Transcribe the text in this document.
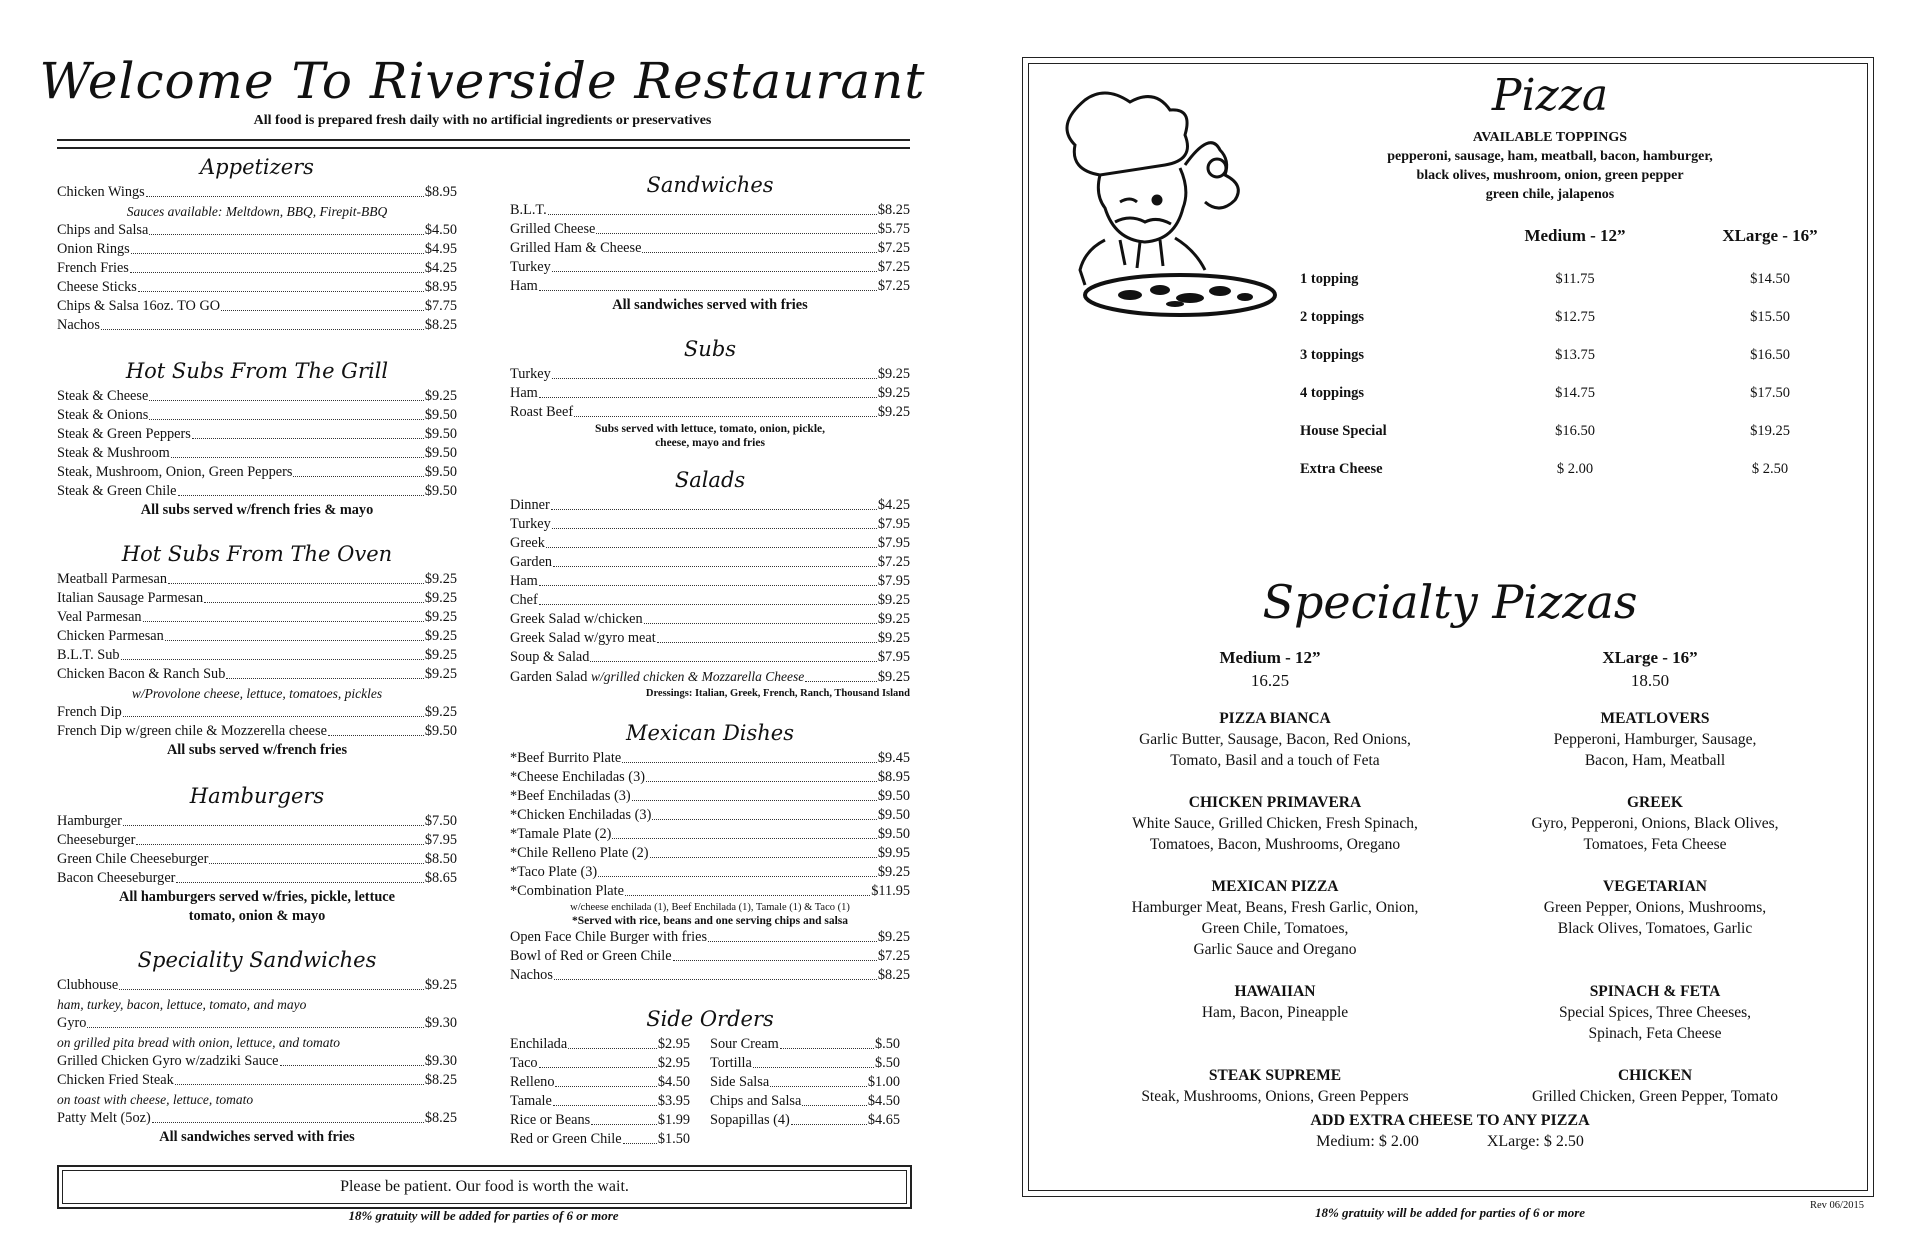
Welcome To Riverside Restaurant
All food is prepared fresh daily with no artificial ingredients or preservatives
Appetizers
Chicken Wings	$8.95
Sauces available: Meltdown, BBQ, Firepit-BBQ
Chips and Salsa	$4.50
Onion Rings	$4.95
French Fries	$4.25
Cheese Sticks	$8.95
Chips & Salsa 16oz. TO GO	$7.75
Nachos	$8.25
Hot Subs From The Grill
Steak & Cheese	$9.25
Steak & Onions	$9.50
Steak & Green Peppers	$9.50
Steak & Mushroom	$9.50
Steak, Mushroom, Onion, Green Peppers	$9.50
Steak & Green Chile	$9.50
All subs served w/french fries & mayo
Hot Subs From The Oven
Meatball Parmesan	$9.25
Italian Sausage Parmesan	$9.25
Veal Parmesan	$9.25
Chicken Parmesan	$9.25
B.L.T. Sub	$9.25
Chicken Bacon & Ranch Sub	$9.25
w/Provolone cheese, lettuce, tomatoes, pickles
French Dip	$9.25
French Dip w/green chile & Mozzerella cheese	$9.50
All subs served w/french fries
Hamburgers
Hamburger	$7.50
Cheeseburger	$7.95
Green Chile Cheeseburger	$8.50
Bacon Cheeseburger	$8.65
All hamburgers served w/fries, pickle, lettuce
tomato, onion & mayo
Speciality Sandwiches
Clubhouse	$9.25
ham, turkey, bacon, lettuce, tomato, and mayo
Gyro	$9.30
on grilled pita bread with onion, lettuce, and tomato
Grilled Chicken Gyro w/zadziki Sauce	$9.30
Chicken Fried Steak	$8.25
on toast with cheese, lettuce, tomato
Patty Melt (5oz)	$8.25
All sandwiches served with fries
Sandwiches
B.L.T.	$8.25
Grilled Cheese	$5.75
Grilled Ham & Cheese	$7.25
Turkey	$7.25
Ham	$7.25
All sandwiches served with fries
Subs
Turkey	$9.25
Ham	$9.25
Roast Beef	$9.25
Subs served with lettuce, tomato, onion, pickle,
cheese, mayo and fries
Salads
Dinner	$4.25
Turkey	$7.95
Greek	$7.95
Garden	$7.25
Ham	$7.95
Chef	$9.25
Greek Salad w/chicken	$9.25
Greek Salad w/gyro meat	$9.25
Soup & Salad	$7.95
Garden Salad w/grilled chicken & Mozzarella Cheese	$9.25
Dressings: Italian, Greek, French, Ranch, Thousand Island
Mexican Dishes
*Beef Burrito Plate	$9.45
*Cheese Enchiladas (3)	$8.95
*Beef Enchiladas (3)	$9.50
*Chicken Enchiladas (3)	$9.50
*Tamale Plate (2)	$9.50
*Chile Relleno Plate (2)	$9.95
*Taco Plate (3)	$9.25
*Combination Plate	$11.95
w/cheese enchilada (1), Beef Enchilada (1), Tamale (1) & Taco (1)
*Served with rice, beans and one serving chips and salsa
Open Face Chile Burger with fries	$9.25
Bowl of Red or Green Chile	$7.25
Nachos	$8.25
Side Orders
Enchilada	$2.95
Taco	$2.95
Relleno	$4.50
Tamale	$3.95
Rice or Beans	$1.99
Red or Green Chile	$1.50
Sour Cream	$.50
Tortilla	$.50
Side Salsa	$1.00
Chips and Salsa	$4.50
Sopapillas (4)	$4.65
Please be patient. Our food is worth the wait.
18% gratuity will be added for parties of 6 or more
Pizza
AVAILABLE TOPPINGS
pepperoni, sausage, ham, meatball, bacon, hamburger,
black olives, mushroom, onion, green pepper
green chile, jalapenos
Medium - 12”	XLarge - 16”
1 topping	$11.75	$14.50
2 toppings	$12.75	$15.50
3 toppings	$13.75	$16.50
4 toppings	$14.75	$17.50
House Special	$16.50	$19.25
Extra Cheese	$ 2.00	$ 2.50
Specialty Pizzas
Medium - 12”
16.25
XLarge - 16”
18.50
PIZZA BIANCA
Garlic Butter, Sausage, Bacon, Red Onions,
Tomato, Basil and a touch of Feta
MEATLOVERS
Pepperoni, Hamburger, Sausage,
Bacon, Ham, Meatball
CHICKEN PRIMAVERA
White Sauce, Grilled Chicken, Fresh Spinach,
Tomatoes, Bacon, Mushrooms, Oregano
GREEK
Gyro, Pepperoni, Onions, Black Olives,
Tomatoes, Feta Cheese
MEXICAN PIZZA
Hamburger Meat, Beans, Fresh Garlic, Onion,
Green Chile, Tomatoes,
Garlic Sauce and Oregano
VEGETARIAN
Green Pepper, Onions, Mushrooms,
Black Olives, Tomatoes, Garlic
HAWAIIAN
Ham, Bacon, Pineapple
SPINACH & FETA
Special Spices, Three Cheeses,
Spinach, Feta Cheese
STEAK SUPREME
Steak, Mushrooms, Onions, Green Peppers
CHICKEN
Grilled Chicken, Green Pepper, Tomato
ADD EXTRA CHEESE TO ANY PIZZA
Medium: $ 2.00	XLarge: $ 2.50
18% gratuity will be added for parties of 6 or more	Rev 06/2015
